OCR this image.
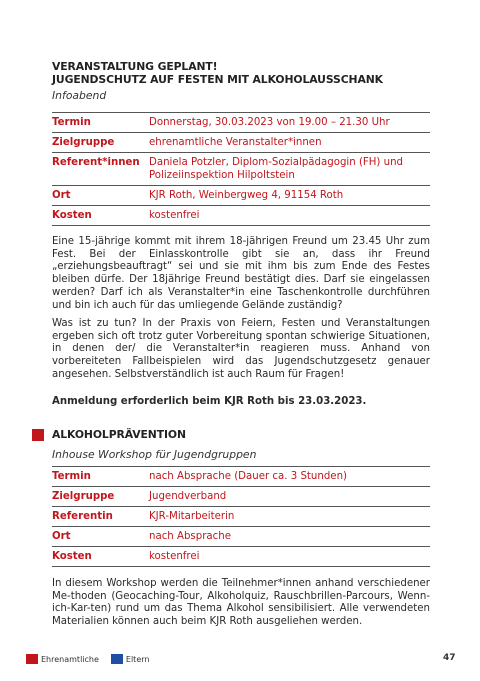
VERANSTALTUNG GEPLANT!
JUGENDSCHUTZ AUF FESTEN MIT ALKOHOLAUSSCHANK
Infoabend
Termin	Donnerstag, 30.03.2023 von 19.00 – 21.30 Uhr
Zielgruppe	ehrenamtliche Veranstalter*innen
Referent*innen	Daniela Potzler, Diplom-Sozialpädagogin (FH) und Polizeiinspektion Hilpoltstein
Ort	KJR Roth, Weinbergweg 4, 91154 Roth
Kosten	kostenfrei
Eine 15-jährige kommt mit ihrem 18-jährigen Freund um 23.45 Uhr zum Fest. Bei der Einlasskontrolle gibt sie an, dass ihr Freund „erziehungsbeauftragt“ sei und sie mit ihm bis zum Ende des Festes bleiben dürfe. Der 18jährige Freund bestätigt dies. Darf sie eingelassen werden? Darf ich als Veranstalter*in eine Taschenkontrolle durchführen und bin ich auch für das umliegende Gelände zuständig?
Was ist zu tun? In der Praxis von Feiern, Festen und Veranstaltungen ergeben sich oft trotz guter Vorbereitung spontan schwierige Situationen, in denen der/ die Veranstalter*in reagieren muss. Anhand von vorbereiteten Fallbeispielen wird das Jugendschutzgesetz genauer angesehen. Selbstverständlich ist auch Raum für Fragen!
Anmeldung erforderlich beim KJR Roth bis 23.03.2023.
ALKOHOLPRÄVENTION
Inhouse Workshop für Jugendgruppen
Termin	nach Absprache (Dauer ca. 3 Stunden)
Zielgruppe	Jugendverband
Referentin	KJR-Mitarbeiterin
Ort	nach Absprache
Kosten	kostenfrei
In diesem Workshop werden die Teilnehmer*innen anhand verschiedener Me-thoden (Geocaching-Tour, Alkoholquiz, Rauschbrillen-Parcours, Wenn-ich-Kar-ten) rund um das Thema Alkohol sensibilisiert. Alle verwendeten Materialien können auch beim KJR Roth ausgeliehen werden.
Ehrenamtliche	Eltern	47
